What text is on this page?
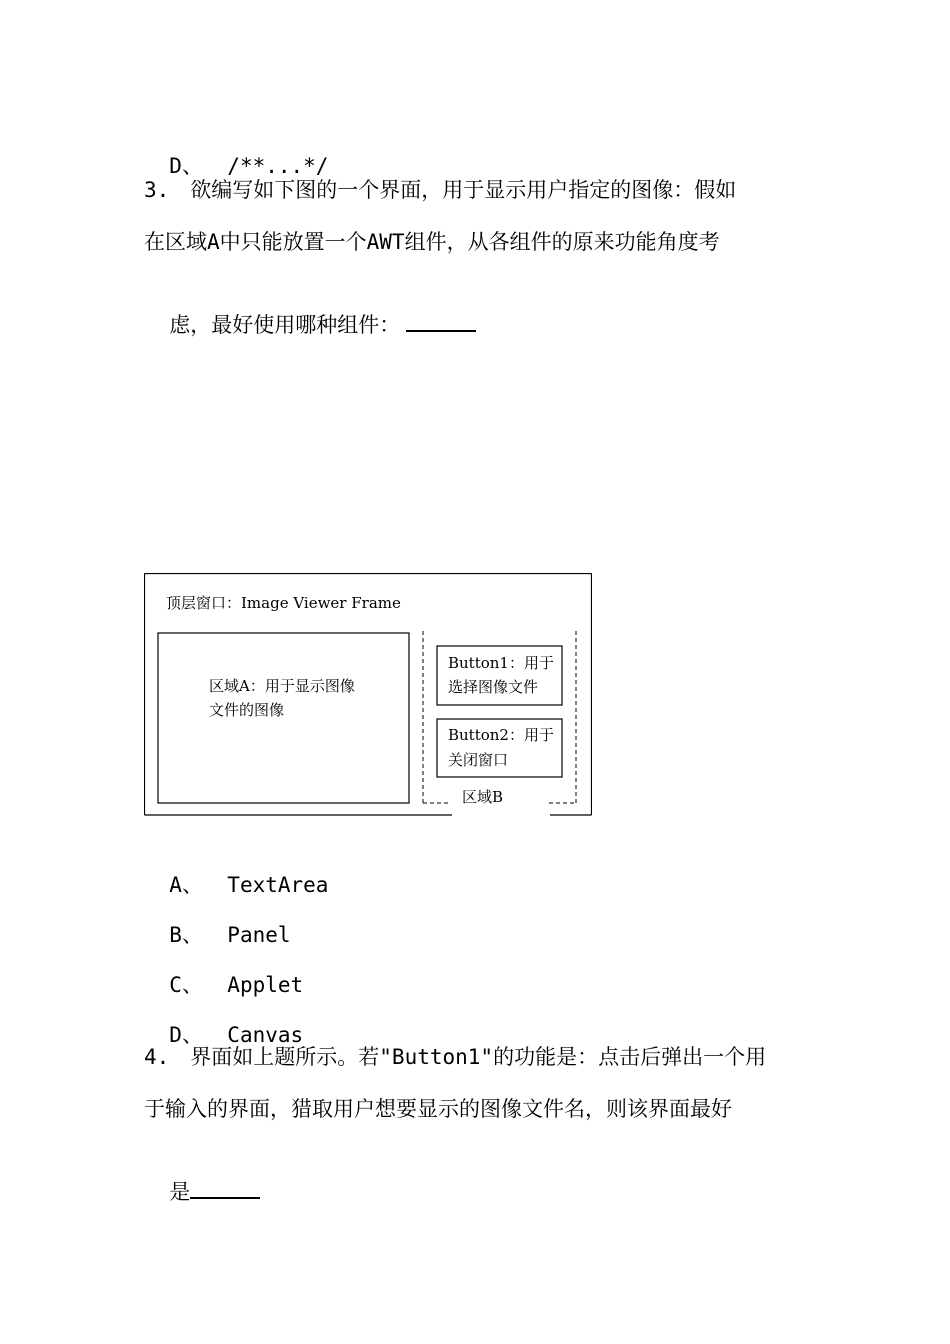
D、 /**...*/

3.　欲编写如下图的一个界面，用于显示用户指定的图像：假如
在区域A中只能放置一个AWT组件，从各组件的原来功能角度考

虑，最好使用哪种组件：

顶层窗口：Image Viewer Frame
区域A：用于显示图像
文件的图像
Button1：用于
选择图像文件
Button2：用于
关闭窗口
区域B

A、 TextArea

B、 Panel

C、 Applet

D、 Canvas

4.　界面如上题所示。若"Button1"的功能是：点击后弹出一个用
于输入的界面，猎取用户想要显示的图像文件名，则该界面最好

是
